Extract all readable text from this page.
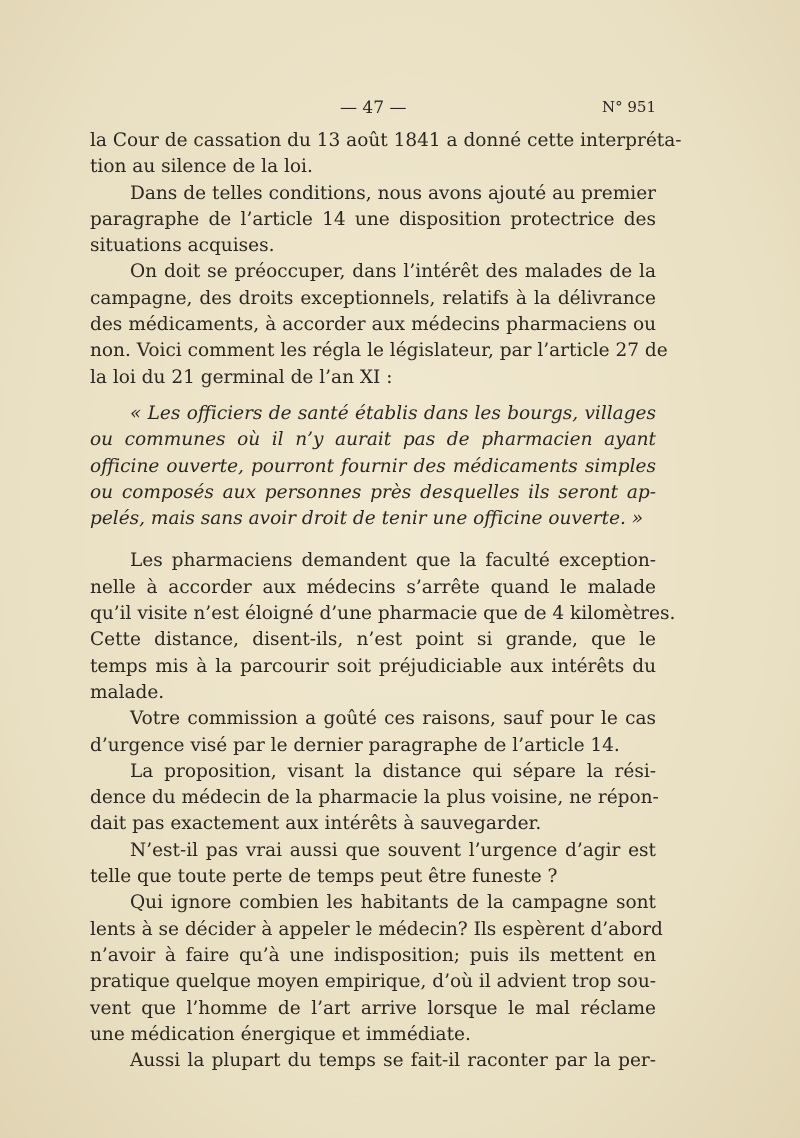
— 47 —	N° 951
la Cour de cassation du 13 août 1841 a donné cette interpréta-
tion au silence de la loi.
Dans de telles conditions, nous avons ajouté au premier
paragraphe de l’article 14 une disposition protectrice des
situations acquises.
On doit se préoccuper, dans l’intérêt des malades de la
campagne, des droits exceptionnels, relatifs à la délivrance
des médicaments, à accorder aux médecins pharmaciens ou
non. Voici comment les régla le législateur, par l’article 27 de
la loi du 21 germinal de l’an XI :
« Les officiers de santé établis dans les bourgs, villages
ou communes où il n’y aurait pas de pharmacien ayant
officine ouverte, pourront fournir des médicaments simples
ou composés aux personnes près desquelles ils seront ap-
pelés, mais sans avoir droit de tenir une officine ouverte. »
Les pharmaciens demandent que la faculté exception-
nelle à accorder aux médecins s’arrête quand le malade
qu’il visite n’est éloigné d’une pharmacie que de 4 kilomètres.
Cette distance, disent-ils, n’est point si grande, que le
temps mis à la parcourir soit préjudiciable aux intérêts du
malade.
Votre commission a goûté ces raisons, sauf pour le cas
d’urgence visé par le dernier paragraphe de l’article 14.
La proposition, visant la distance qui sépare la rési-
dence du médecin de la pharmacie la plus voisine, ne répon-
dait pas exactement aux intérêts à sauvegarder.
N’est-il pas vrai aussi que souvent l’urgence d’agir est
telle que toute perte de temps peut être funeste ?
Qui ignore combien les habitants de la campagne sont
lents à se décider à appeler le médecin? Ils espèrent d’abord
n’avoir à faire qu’à une indisposition; puis ils mettent en
pratique quelque moyen empirique, d’où il advient trop sou-
vent que l’homme de l’art arrive lorsque le mal réclame
une médication énergique et immédiate.
Aussi la plupart du temps se fait-il raconter par la per-
